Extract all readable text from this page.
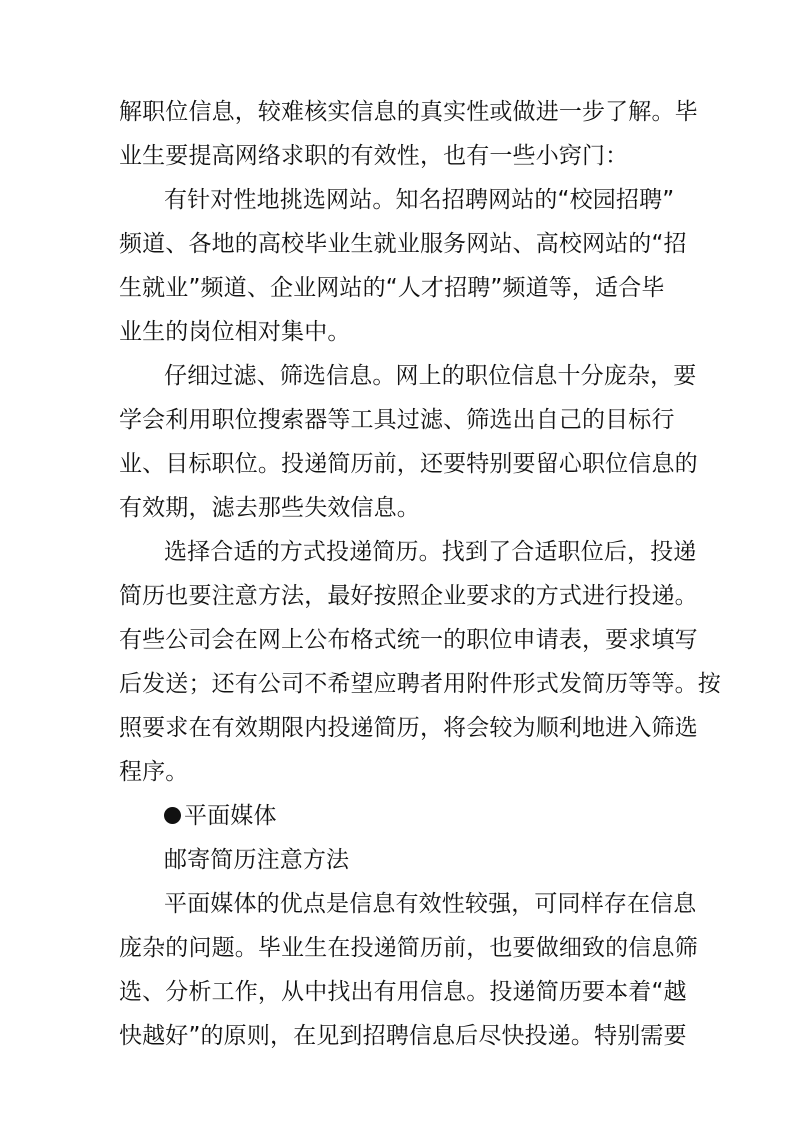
解职位信息，较难核实信息的真实性或做进一步了解。毕
业生要提高网络求职的有效性，也有一些小窍门：
有针对性地挑选网站。知名招聘网站的“校园招聘”
频道、各地的高校毕业生就业服务网站、高校网站的“招
生就业”频道、企业网站的“人才招聘”频道等，适合毕
业生的岗位相对集中。
仔细过滤、筛选信息。网上的职位信息十分庞杂，要
学会利用职位搜索器等工具过滤、筛选出自己的目标行
业、目标职位。投递简历前，还要特别要留心职位信息的
有效期，滤去那些失效信息。
选择合适的方式投递简历。找到了合适职位后，投递
简历也要注意方法，最好按照企业要求的方式进行投递。
有些公司会在网上公布格式统一的职位申请表，要求填写
后发送；还有公司不希望应聘者用附件形式发简历等等。按
照要求在有效期限内投递简历，将会较为顺利地进入筛选
程序。
平面媒体
邮寄简历注意方法
平面媒体的优点是信息有效性较强，可同样存在信息
庞杂的问题。毕业生在投递简历前，也要做细致的信息筛
选、分析工作，从中找出有用信息。投递简历要本着“越
快越好”的原则，在见到招聘信息后尽快投递。特别需要
